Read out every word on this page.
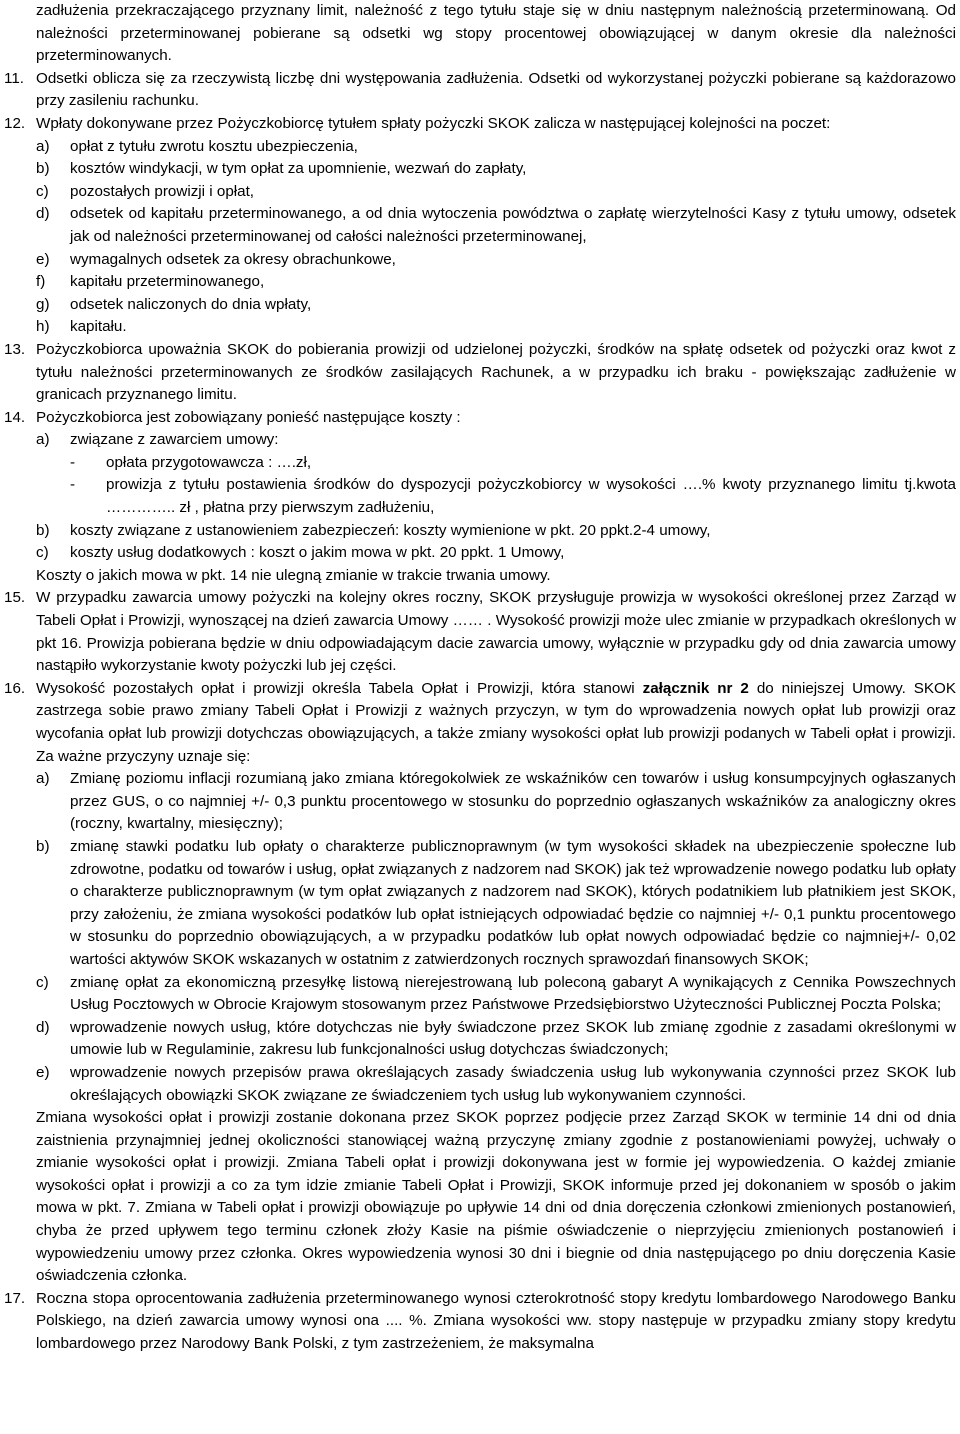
zadłużenia przekraczającego przyznany limit, należność z tego tytułu staje się w dniu następnym należnością przeterminowaną. Od należności przeterminowanej pobierane są odsetki wg stopy procentowej obowiązującej w danym okresie dla należności przeterminowanych.

11. Odsetki oblicza się za rzeczywistą liczbę dni występowania zadłużenia. Odsetki od wykorzystanej pożyczki pobierane są każdorazowo przy zasileniu rachunku.

12. Wpłaty dokonywane przez Pożyczkobiorcę tytułem spłaty pożyczki SKOK zalicza w następującej kolejności na poczet:

a) opłat z tytułu zwrotu kosztu ubezpieczenia,

b) kosztów windykacji, w tym opłat za upomnienie, wezwań do zapłaty,

c) pozostałych prowizji i opłat,

d) odsetek od kapitału przeterminowanego, a od dnia wytoczenia powództwa o zapłatę wierzytelności Kasy z tytułu umowy, odsetek jak od należności przeterminowanej od całości należności przeterminowanej,

e) wymagalnych odsetek za okresy obrachunkowe,

f) kapitału przeterminowanego,

g) odsetek naliczonych do dnia wpłaty,

h) kapitału.

13. Pożyczkobiorca upoważnia SKOK do pobierania prowizji od udzielonej pożyczki, środków na spłatę odsetek od pożyczki oraz kwot z tytułu należności przeterminowanych ze środków zasilających Rachunek, a w przypadku ich braku - powiększając zadłużenie w granicach przyznanego limitu.

14. Pożyczkobiorca jest zobowiązany ponieść następujące koszty :

a) związane z zawarciem umowy:

- opłata przygotowawcza : ….zł,

- prowizja z tytułu postawienia środków do dyspozycji pożyczkobiorcy w wysokości ….% kwoty przyznanego limitu tj.kwota ………….. zł , płatna przy pierwszym zadłużeniu,

b) koszty związane z ustanowieniem zabezpieczeń: koszty wymienione w pkt. 20 ppkt.2-4 umowy,

c) koszty usług dodatkowych : koszt o jakim mowa w pkt. 20 ppkt. 1 Umowy,

Koszty o jakich mowa w pkt. 14 nie ulegną zmianie w trakcie trwania umowy.

15. W przypadku zawarcia umowy pożyczki na kolejny okres roczny, SKOK przysługuje prowizja w wysokości określonej przez Zarząd w Tabeli Opłat i Prowizji, wynoszącej na dzień zawarcia Umowy …… . Wysokość prowizji może ulec zmianie w przypadkach określonych w pkt 16. Prowizja pobierana będzie w dniu odpowiadającym dacie zawarcia umowy, wyłącznie w przypadku gdy od dnia zawarcia umowy nastąpiło wykorzystanie kwoty pożyczki lub jej części.

16. Wysokość pozostałych opłat i prowizji określa Tabela Opłat i Prowizji, która stanowi załącznik nr 2 do niniejszej Umowy. SKOK zastrzega sobie prawo zmiany Tabeli Opłat i Prowizji z ważnych przyczyn, w tym do wprowadzenia nowych opłat lub prowizji oraz wycofania opłat lub prowizji dotychczas obowiązujących, a także zmiany wysokości opłat lub prowizji podanych w Tabeli opłat i prowizji. Za ważne przyczyny uznaje się:

a) Zmianę poziomu inflacji rozumianą jako zmiana któregokolwiek ze wskaźników cen towarów i usług konsumpcyjnych ogłaszanych przez GUS, o co najmniej +/- 0,3 punktu procentowego w stosunku do poprzednio ogłaszanych wskaźników za analogiczny okres (roczny, kwartalny, miesięczny);

b) zmianę stawki podatku lub opłaty o charakterze publicznoprawnym (w tym wysokości składek na ubezpieczenie społeczne lub zdrowotne, podatku od towarów i usług, opłat związanych z nadzorem nad SKOK) jak też wprowadzenie nowego podatku lub opłaty o charakterze publicznoprawnym (w tym opłat związanych z nadzorem nad SKOK), których podatnikiem lub płatnikiem jest SKOK, przy założeniu, że zmiana wysokości podatków lub opłat istniejących odpowiadać będzie co najmniej +/- 0,1 punktu procentowego w stosunku do poprzednio obowiązujących, a w przypadku podatków lub opłat nowych odpowiadać będzie co najmniej+/- 0,02 wartości aktywów SKOK wskazanych w ostatnim z zatwierdzonych rocznych sprawozdań finansowych SKOK;

c) zmianę opłat za ekonomiczną przesyłkę listową nierejestrowaną lub poleconą gabaryt A wynikających z Cennika Powszechnych Usług Pocztowych w Obrocie Krajowym stosowanym przez Państwowe Przedsiębiorstwo Użyteczności Publicznej Poczta Polska;

d) wprowadzenie nowych usług, które dotychczas nie były świadczone przez SKOK lub zmianę zgodnie z zasadami określonymi w umowie lub w Regulaminie, zakresu lub funkcjonalności usług dotychczas świadczonych;

e) wprowadzenie nowych przepisów prawa określających zasady świadczenia usług lub wykonywania czynności przez SKOK lub określających obowiązki SKOK związane ze świadczeniem tych usług lub wykonywaniem czynności.

Zmiana wysokości opłat i prowizji zostanie dokonana przez SKOK poprzez podjęcie przez Zarząd SKOK w terminie 14 dni od dnia zaistnienia przynajmniej jednej okoliczności stanowiącej ważną przyczynę zmiany zgodnie z postanowieniami powyżej, uchwały o zmianie wysokości opłat i prowizji. Zmiana Tabeli opłat i prowizji dokonywana jest w formie jej wypowiedzenia. O każdej zmianie wysokości opłat i prowizji a co za tym idzie zmianie Tabeli Opłat i Prowizji, SKOK informuje przed jej dokonaniem w sposób o jakim mowa w pkt. 7. Zmiana w Tabeli opłat i prowizji obowiązuje po upływie 14 dni od dnia doręczenia członkowi zmienionych postanowień, chyba że przed upływem tego terminu członek złoży Kasie na piśmie oświadczenie o nieprzyjęciu zmienionych postanowień i wypowiedzeniu umowy przez członka. Okres wypowiedzenia wynosi 30 dni i biegnie od dnia następującego po dniu doręczenia Kasie oświadczenia członka.

17. Roczna stopa oprocentowania zadłużenia przeterminowanego wynosi czterokrotność stopy kredytu lombardowego Narodowego Banku Polskiego, na dzień zawarcia umowy wynosi ona .... %. Zmiana wysokości ww. stopy następuje w przypadku zmiany stopy kredytu lombardowego przez Narodowy Bank Polski, z tym zastrzeżeniem, że maksymalna
